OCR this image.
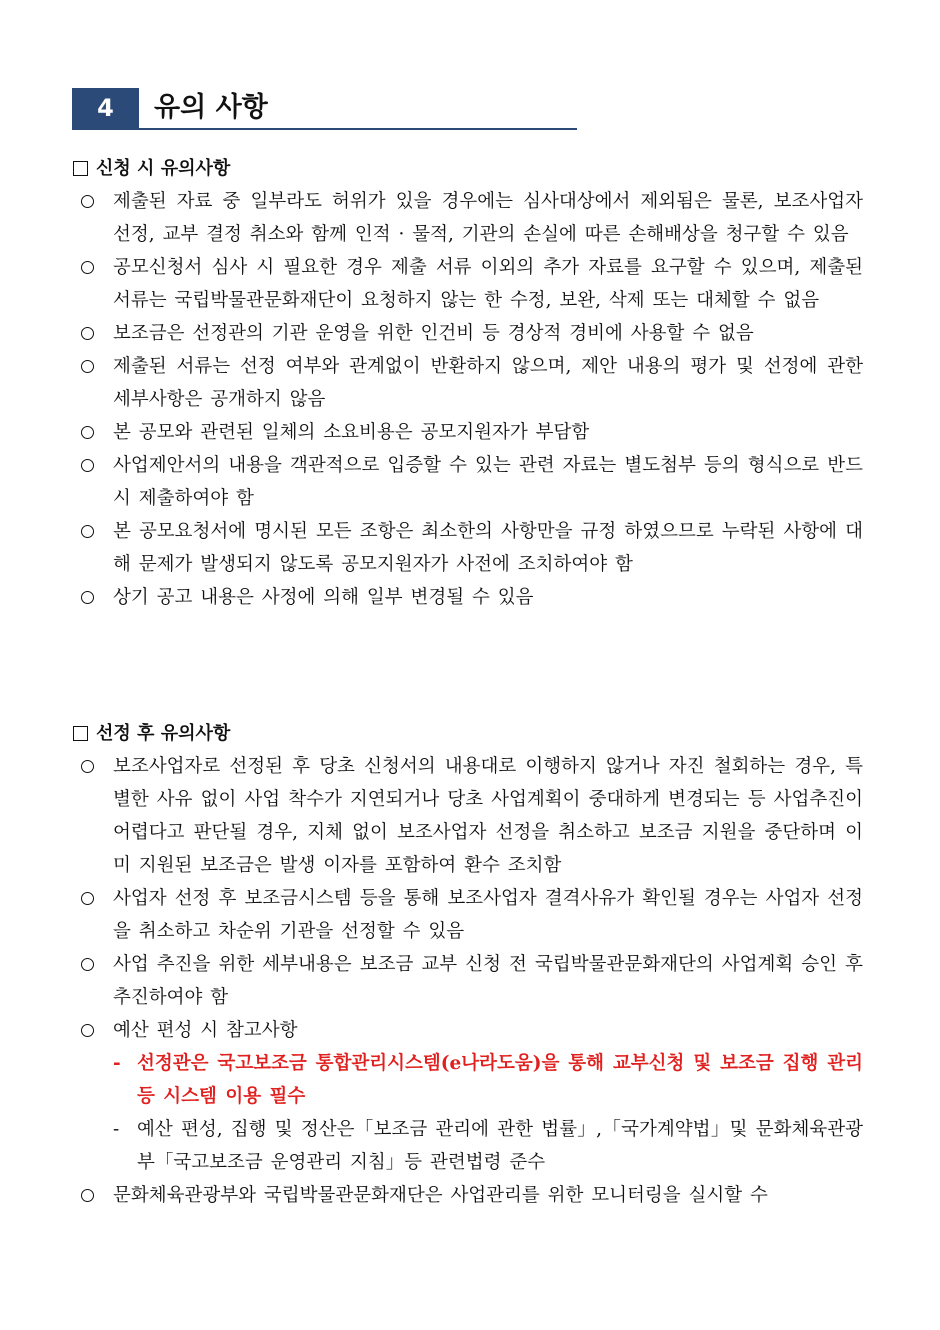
4	유의 사항
신청 시 유의사항
제출된 자료 중 일부라도 허위가 있을 경우에는 심사대상에서 제외됨은 물론, 보조사업자 선정, 교부 결정 취소와 함께 인적 · 물적, 기관의 손실에 따른 손해배상을 청구할 수 있음
공모신청서 심사 시 필요한 경우 제출 서류 이외의 추가 자료를 요구할 수 있으며, 제출된 서류는 국립박물관문화재단이 요청하지 않는 한 수정, 보완, 삭제 또는 대체할 수 없음
보조금은 선정관의 기관 운영을 위한 인건비 등 경상적 경비에 사용할 수 없음
제출된 서류는 선정 여부와 관계없이 반환하지 않으며, 제안 내용의 평가 및 선정에 관한 세부사항은 공개하지 않음
본 공모와 관련된 일체의 소요비용은 공모지원자가 부담함
사업제안서의 내용을 객관적으로 입증할 수 있는 관련 자료는 별도첨부 등의 형식으로 반드시 제출하여야 함
본 공모요청서에 명시된 모든 조항은 최소한의 사항만을 규정 하였으므로 누락된 사항에 대해 문제가 발생되지 않도록 공모지원자가 사전에 조치하여야 함
상기 공고 내용은 사정에 의해 일부 변경될 수 있음
선정 후 유의사항
보조사업자로 선정된 후 당초 신청서의 내용대로 이행하지 않거나 자진 철회하는 경우, 특별한 사유 없이 사업 착수가 지연되거나 당초 사업계획이 중대하게 변경되는 등 사업추진이 어렵다고 판단될 경우, 지체 없이 보조사업자 선정을 취소하고 보조금 지원을 중단하며 이미 지원된 보조금은 발생 이자를 포함하여 환수 조치함
사업자 선정 후 보조금시스템 등을 통해 보조사업자 결격사유가 확인될 경우는 사업자 선정을 취소하고 차순위 기관을 선정할 수 있음
사업 추진을 위한 세부내용은 보조금 교부 신청 전 국립박물관문화재단의 사업계획 승인 후 추진하여야 함
예산 편성 시 참고사항
- 선정관은 국고보조금 통합관리시스템(e나라도움)을 통해 교부신청 및 보조금 집행 관리 등 시스템 이용 필수
- 예산 편성, 집행 및 정산은「보조금 관리에 관한 법률」,「국가계약법」및 문화체육관광부「국고보조금 운영관리 지침」등 관련법령 준수
문화체육관광부와 국립박물관문화재단은 사업관리를 위한 모니터링을 실시할 수
